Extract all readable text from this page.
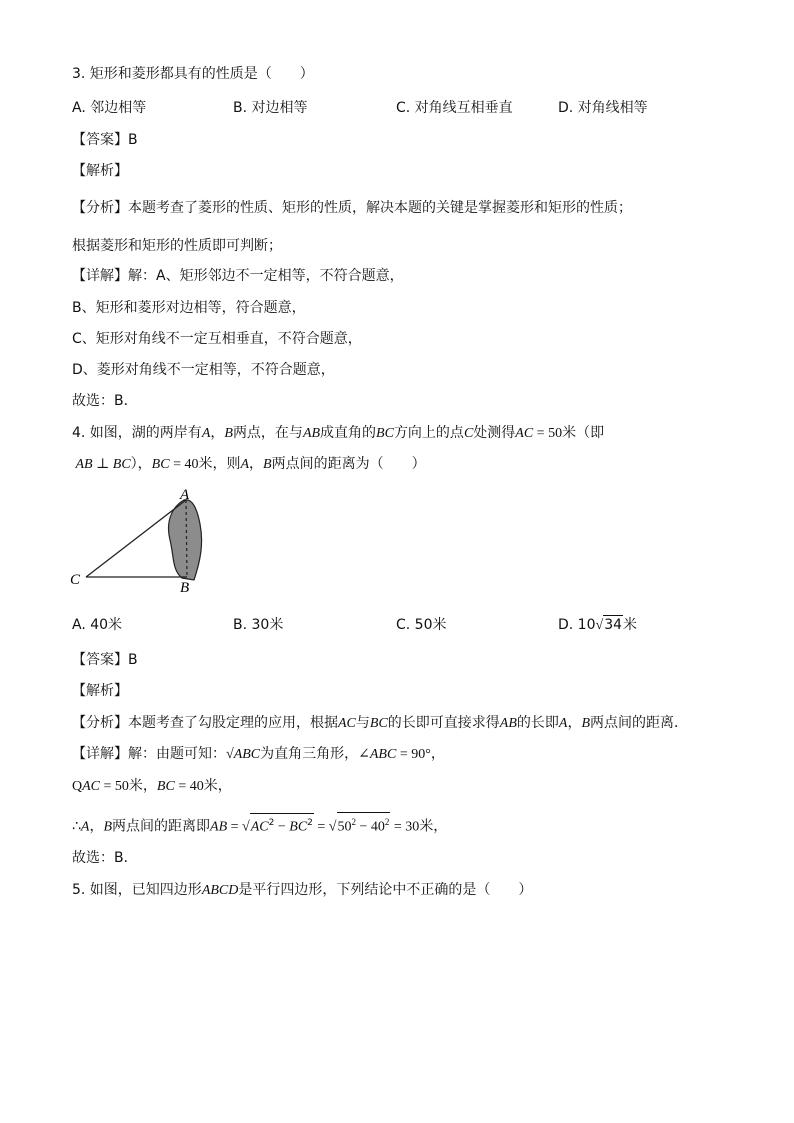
3. 矩形和菱形都具有的性质是（　　）
A. 邻边相等	B. 对边相等	C. 对角线互相垂直	D. 对角线相等
【答案】B
【解析】
【分析】本题考查了菱形的性质、矩形的性质，解决本题的关键是掌握菱形和矩形的性质；
根据菱形和矩形的性质即可判断；
【详解】解：A、矩形邻边不一定相等，不符合题意，
B、矩形和菱形对边相等，符合题意，
C、矩形对角线不一定互相垂直，不符合题意，
D、菱形对角线不一定相等，不符合题意，
故选：B．
4. 如图，湖的两岸有A，B两点，在与AB成直角的BC方向上的点C处测得AC = 50米（即
AB ⊥ BC），BC = 40米，则A，B两点间的距离为（　　）
A
B
C
A. 40米	B. 30米	C. 50米	D. 10√34米
【答案】B
【解析】
【分析】本题考查了勾股定理的应用，根据AC与BC的长即可直接求得AB的长即A，B两点间的距离．
【详解】解：由题可知：√ABC为直角三角形，∠ABC = 90°，
QAC = 50米，BC = 40米，
∴A，B两点间的距离即AB = $√AC^2 - BC^2 = √50^2 - 40^2 = 30$米，
故选：B．
5. 如图，已知四边形ABCD是平行四边形，下列结论中不正确的是（　　）
